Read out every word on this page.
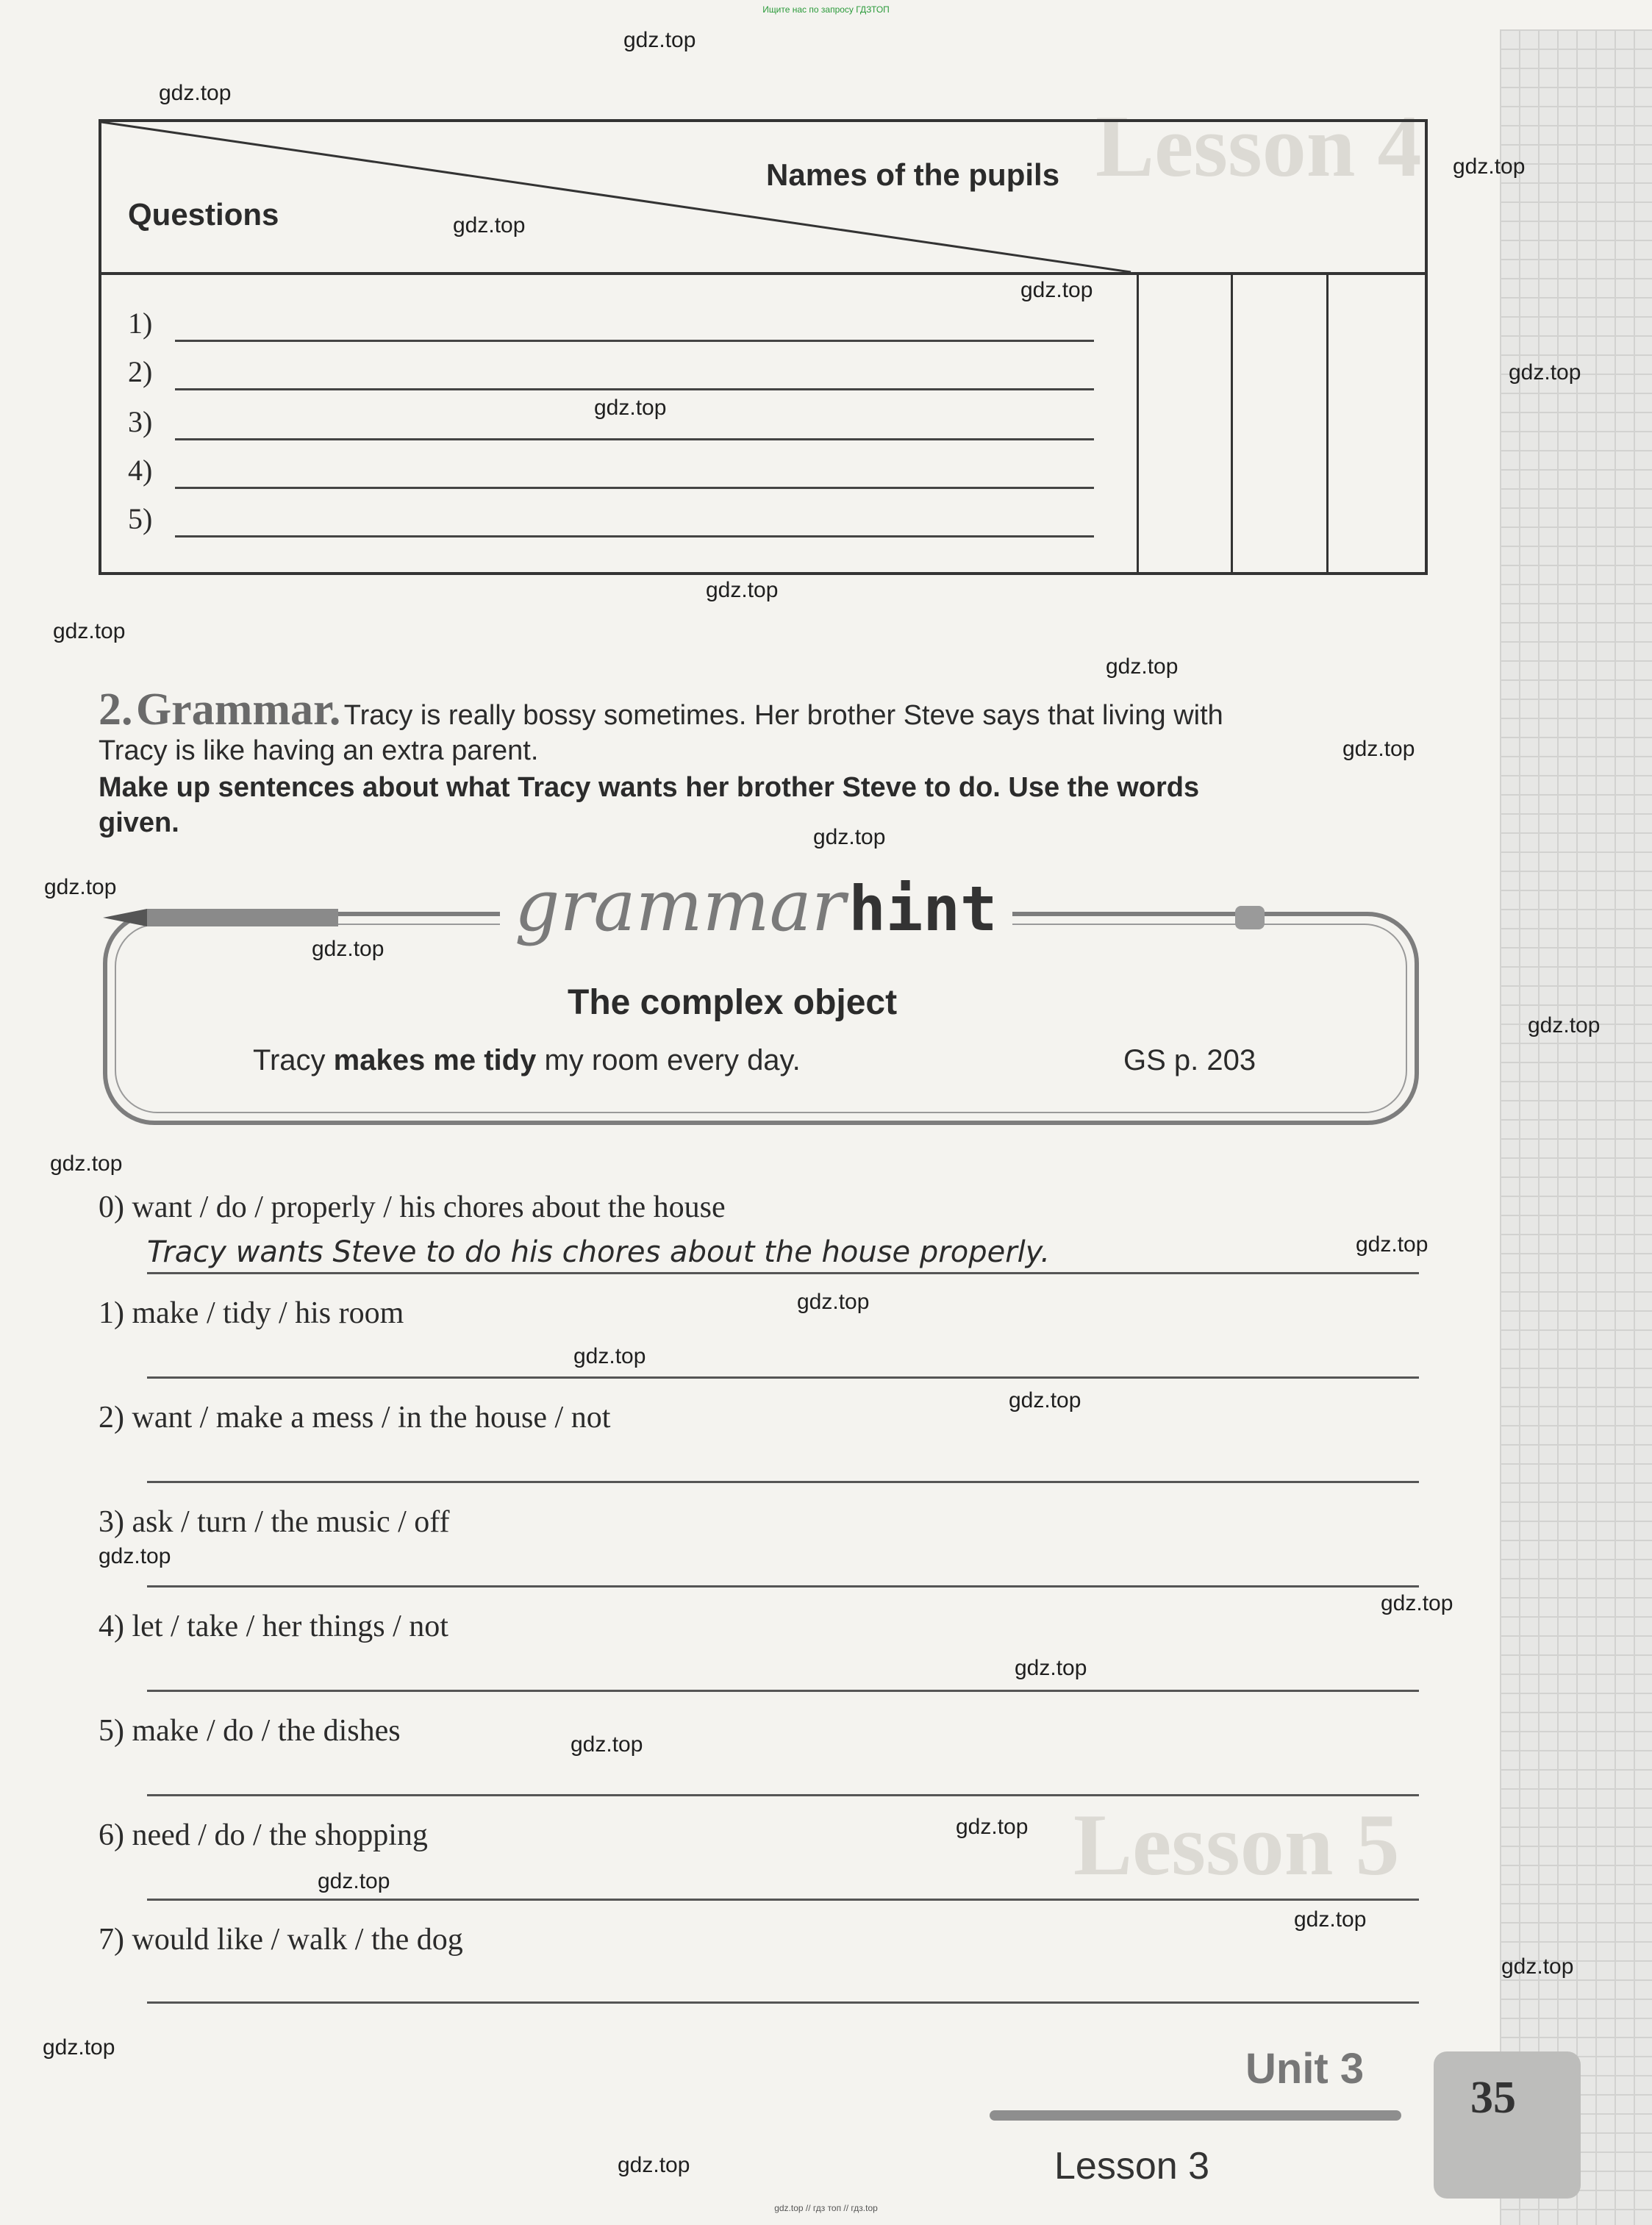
Lesson 4
Lesson 5
Ищите нас по запросу ГДЗТОП
Questions
Names of the pupils
1)
2)
3)
4)
5)
2. Grammar. Tracy is really bossy sometimes. Her brother Steve says that living with
Tracy is like having an extra parent.
Make up sentences about what Tracy wants her brother Steve to do. Use the words
given.
grammar hint
The complex object
Tracy makes me tidy my room every day.	GS p. 203
0) want / do / properly / his chores about the house
Tracy wants Steve to do his chores about the house properly.
1) make / tidy / his room
2) want / make a mess / in the house / not
3) ask / turn / the music / off
4) let / take / her things / not
5) make / do / the dishes
6) need / do / the shopping
7) would like / walk / the dog
Unit 3
Lesson 3
35
gdz.top
gdz.top
gdz.top
gdz.top
gdz.top
gdz.top
gdz.top
gdz.top
gdz.top
gdz.top
gdz.top
gdz.top
gdz.top
gdz.top
gdz.top
gdz.top
gdz.top
gdz.top
gdz.top
gdz.top
gdz.top
gdz.top
gdz.top
gdz.top
gdz.top
gdz.top
gdz.top
gdz.top
gdz.top
gdz.top
gdz.top // гдз топ // гдз.top
